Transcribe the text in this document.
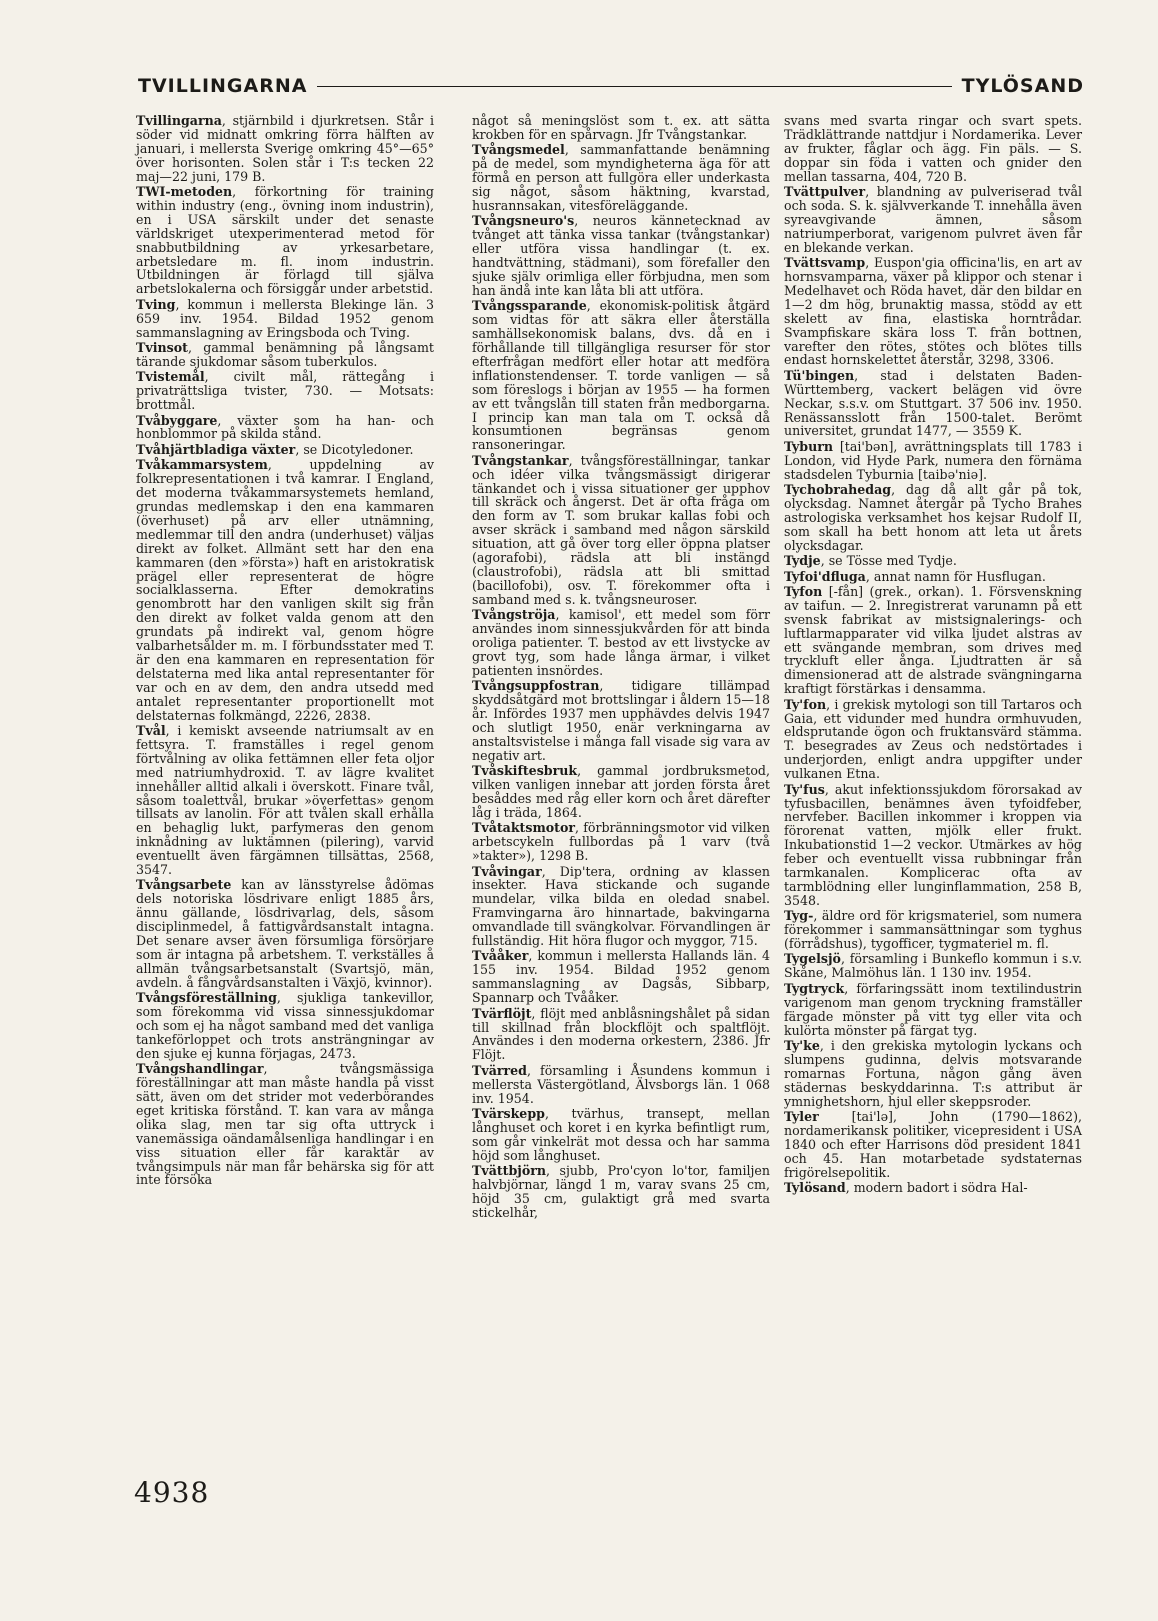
TVILLINGARNA	TYLÖSAND

Tvillingarna, stjärnbild i djurkretsen. Står i söder vid midnatt omkring förra hälften av januari, i mellersta Sverige omkring 45°—65° över horisonten. Solen står i T:s tecken 22 maj—22 juni, 179 B.

TWI-metoden, förkortning för training within industry (eng., övning inom industrin), en i USA särskilt under det senaste världskriget utexperimenterad metod för snabbutbildning av yrkesarbetare, arbetsledare m. fl. inom industrin. Utbildningen är förlagd till själva arbetslokalerna och försiggår under arbetstid.

Tving, kommun i mellersta Blekinge län. 3 659 inv. 1954. Bildad 1952 genom sammanslagning av Eringsboda och Tving.

Tvinsot, gammal benämning på långsamt tärande sjukdomar såsom tuberkulos.

Tvistemål, civilt mål, rättegång i privaträttsliga tvister, 730. — Motsats: brottmål.

Tvåbyggare, växter som ha han- och honblommor på skilda stånd.

Tvåhjärtbladiga växter, se Dicotyledoner.

Tvåkammarsystem, uppdelning av folkrepresentationen i två kamrar. I England, det moderna tvåkammarsystemets hemland, grundas medlemskap i den ena kammaren (överhuset) på arv eller utnämning, medlemmar till den andra (underhuset) väljas direkt av folket. Allmänt sett har den ena kammaren (den »första») haft en aristokratisk prägel eller representerat de högre socialklasserna. Efter demokratins genombrott har den vanligen skilt sig från den direkt av folket valda genom att den grundats på indirekt val, genom högre valbarhetsålder m. m. I förbundsstater med T. är den ena kammaren en representation för delstaterna med lika antal representanter för var och en av dem, den andra utsedd med antalet representanter proportionellt mot delstaternas folkmängd, 2226, 2838.

Tvål, i kemiskt avseende natriumsalt av en fettsyra. T. framställes i regel genom förtvålning av olika fettämnen eller feta oljor med natriumhydroxid. T. av lägre kvalitet innehåller alltid alkali i överskott. Finare tvål, såsom toalettvål, brukar »överfettas» genom tillsats av lanolin. För att tvålen skall erhålla en behaglig lukt, parfymeras den genom inknådning av luktämnen (pilering), varvid eventuellt även färgämnen tillsättas, 2568, 3547.

Tvångsarbete kan av länsstyrelse ådömas dels notoriska lösdrivare enligt 1885 års, ännu gällande, lösdrivarlag, dels, såsom disciplinmedel, å fattigvårdsanstalt intagna. Det senare avser även försumliga försörjare som är intagna på arbetshem. T. verkställes å allmän tvångsarbetsanstalt (Svartsjö, män, avdeln. å fångvårdsanstalten i Växjö, kvinnor).

Tvångsföreställning, sjukliga tankevillor, som förekomma vid vissa sinnessjukdomar och som ej ha något samband med det vanliga tankeförloppet och trots ansträngningar av den sjuke ej kunna förjagas, 2473.

Tvångshandlingar, tvångsmässiga föreställningar att man måste handla på visst sätt, även om det strider mot vederbörandes eget kritiska förstånd. T. kan vara av många olika slag, men tar sig ofta uttryck i vanemässiga oändamålsenliga handlingar i en viss situation eller får karaktär av tvångsimpuls när man får behärska sig för att inte försöka

något så meningslöst som t. ex. att sätta krokben för en spårvagn. Jfr Tvångstankar.

Tvångsmedel, sammanfattande benämning på de medel, som myndigheterna äga för att förmå en person att fullgöra eller underkasta sig något, såsom häktning, kvarstad, husrannsakan, vitesföreläggande.

Tvångsneuro's, neuros kännetecknad av tvånget att tänka vissa tankar (tvångstankar) eller utföra vissa handlingar (t. ex. handtvättning, städmani), som förefaller den sjuke själv orimliga eller förbjudna, men som han ändå inte kan låta bli att utföra.

Tvångssparande, ekonomisk-politisk åtgärd som vidtas för att säkra eller återställa samhällsekonomisk balans, dvs. då en i förhållande till tillgängliga resurser för stor efterfrågan medfört eller hotar att medföra inflationstendenser. T. torde vanligen — så som föreslogs i början av 1955 — ha formen av ett tvångslån till staten från medborgarna. I princip kan man tala om T. också då konsumtionen begränsas genom ransoneringar.

Tvångstankar, tvångsföreställningar, tankar och idéer vilka tvångsmässigt dirigerar tänkandet och i vissa situationer ger upphov till skräck och ångerst. Det är ofta fråga om den form av T. som brukar kallas fobi och avser skräck i samband med någon särskild situation, att gå över torg eller öppna platser (agorafobi), rädsla att bli instängd (claustrofobi), rädsla att bli smittad (bacillofobi), osv. T. förekommer ofta i samband med s. k. tvångsneuroser.

Tvångströja, kamisol', ett medel som förr användes inom sinnessjukvården för att binda oroliga patienter. T. bestod av ett livstycke av grovt tyg, som hade långa ärmar, i vilket patienten insnördes.

Tvångsuppfostran, tidigare tillämpad skyddsåtgärd mot brottslingar i åldern 15—18 år. Infördes 1937 men upphävdes delvis 1947 och slutligt 1950, enär verkningarna av anstaltsvistelse i många fall visade sig vara av negativ art.

Tvåskiftesbruk, gammal jordbruksmetod, vilken vanligen innebar att jorden första året besåddes med råg eller korn och året därefter låg i träda, 1864.

Tvåtaktsmotor, förbränningsmotor vid vilken arbetscykeln fullbordas på 1 varv (två »takter»), 1298 B.

Tvåvingar, Dip'tera, ordning av klassen insekter. Hava stickande och sugande mundelar, vilka bilda en oledad snabel. Framvingarna äro hinnartade, bakvingarna omvandlade till svängkolvar. Förvandlingen är fullständig. Hit höra flugor och myggor, 715.

Tvååker, kommun i mellersta Hallands län. 4 155 inv. 1954. Bildad 1952 genom sammanslagning av Dagsås, Sibbarp, Spannarp och Tvååker.

Tvärflöjt, flöjt med anblåsningshålet på sidan till skillnad från blockflöjt och spaltflöjt. Användes i den moderna orkestern, 2386. Jfr Flöjt.

Tvärred, församling i Åsundens kommun i mellersta Västergötland, Älvsborgs län. 1 068 inv. 1954.

Tvärskepp, tvärhus, transept, mellan långhuset och koret i en kyrka befintligt rum, som går vinkelrät mot dessa och har samma höjd som långhuset.

Tvättbjörn, sjubb, Pro'cyon lo'tor, familjen halvbjörnar, längd 1 m, varav svans 25 cm, höjd 35 cm, gulaktigt grå med svarta stickelhår,

svans med svarta ringar och svart spets. Trädklättrande nattdjur i Nordamerika. Lever av frukter, fåglar och ägg. Fin päls. — S. doppar sin föda i vatten och gnider den mellan tassarna, 404, 720 B.

Tvättpulver, blandning av pulveriserad tvål och soda. S. k. självverkande T. innehålla även syreavgivande ämnen, såsom natriumperborat, varigenom pulvret även får en blekande verkan.

Tvättsvamp, Euspon'gia officina'lis, en art av hornsvamparna, växer på klippor och stenar i Medelhavet och Röda havet, där den bildar en 1—2 dm hög, brunaktig massa, stödd av ett skelett av fina, elastiska horntrådar. Svampfiskare skära loss T. från bottnen, varefter den rötes, stötes och blötes tills endast hornskelettet återstår, 3298, 3306.

Tü'bingen, stad i delstaten Baden-Württemberg, vackert belägen vid övre Neckar, s.s.v. om Stuttgart. 37 506 inv. 1950. Renässansslott från 1500-talet. Berömt universitet, grundat 1477, — 3559 K.

Tyburn [tai'bən], avrättningsplats till 1783 i London, vid Hyde Park, numera den förnäma stadsdelen Tyburnia [taibə'niə].

Tychobrahedag, dag då allt går på tok, olycksdag. Namnet återgår på Tycho Brahes astrologiska verksamhet hos kejsar Rudolf II, som skall ha bett honom att leta ut årets olycksdagar.

Tydje, se Tösse med Tydje.

Tyfoi'dfluga, annat namn för Husflugan.

Tyfon [-fån] (grek., orkan). 1. Försvenskning av taifun. — 2. Inregistrerat varunamn på ett svensk fabrikat av mistsignalerings- och luftlarmapparater vid vilka ljudet alstras av ett svängande membran, som drives med tryckluft eller ånga. Ljudtratten är så dimensionerad att de alstrade svängningarna kraftigt förstärkas i densamma.

Ty'fon, i grekisk mytologi son till Tartaros och Gaia, ett vidunder med hundra ormhuvuden, eldsprutande ögon och fruktansvärd stämma. T. besegrades av Zeus och nedstörtades i underjorden, enligt andra uppgifter under vulkanen Etna.

Ty'fus, akut infektionssjukdom förorsakad av tyfusbacillen, benämnes även tyfoidfeber, nervfeber. Bacillen inkommer i kroppen via förorenat vatten, mjölk eller frukt. Inkubationstid 1—2 veckor. Utmärkes av hög feber och eventuellt vissa rubbningar från tarmkanalen. Komplicerас ofta av tarmblödning eller lunginflammation, 258 B, 3548.

Tyg-, äldre ord för krigsmateriel, som numera förekommer i sammansättningar som tyghus (förrådshus), tygofficer, tygmateriel m. fl.

Tygelsjö, församling i Bunkeflo kommun i s.v. Skåne, Malmöhus län. 1 130 inv. 1954.

Tygtryck, förfaringssätt inom textilindustrin varigenom man genom tryckning framställer färgade mönster på vitt tyg eller vita och kulörta mönster på färgat tyg.

Ty'ke, i den grekiska mytologin lyckans och slumpens gudinna, delvis motsvarande romarnas Fortuna, någon gång även städernas beskyddarinna. T:s attribut är ymnighetshorn, hjul eller skeppsroder.

Tyler [tai'lə], John (1790—1862), nordamerikansk politiker, vicepresident i USA 1840 och efter Harrisons död president 1841 och 45. Han motarbetade sydstaternas frigörelsepolitik.

Tylösand, modern badort i södra Hal-

4938
